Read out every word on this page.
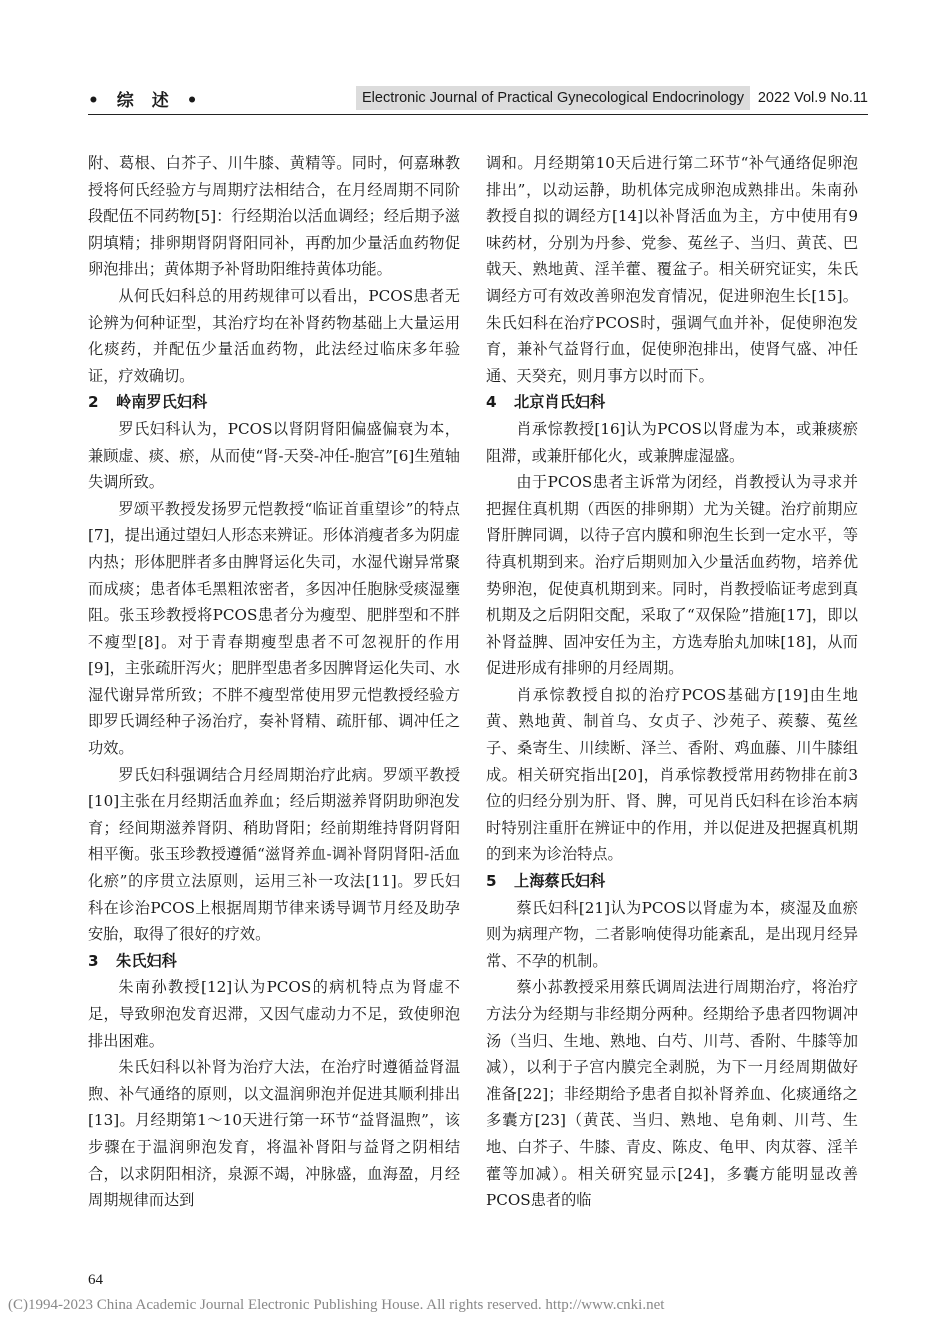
• 综 述 •	Electronic Journal of Practical Gynecological Endocrinology 2022 Vol.9 No.11

附、葛根、白芥子、川牛膝、黄精等。同时，何嘉琳教授将何氏经验方与周期疗法相结合，在月经周期不同阶段配伍不同药物[5]：行经期治以活血调经；经后期予滋阴填精；排卵期肾阴肾阳同补，再酌加少量活血药物促卵泡排出；黄体期予补肾助阳维持黄体功能。

从何氏妇科总的用药规律可以看出，PCOS患者无论辨为何种证型，其治疗均在补肾药物基础上大量运用化痰药，并配伍少量活血药物，此法经过临床多年验证，疗效确切。

2 岭南罗氏妇科

罗氏妇科认为，PCOS以肾阴肾阳偏盛偏衰为本，兼顾虚、痰、瘀，从而使“肾-天癸-冲任-胞宫”[6]生殖轴失调所致。

罗颂平教授发扬罗元恺教授“临证首重望诊”的特点[7]，提出通过望妇人形态来辨证。形体消瘦者多为阴虚内热；形体肥胖者多由脾肾运化失司，水湿代谢异常聚而成痰；患者体毛黑粗浓密者，多因冲任胞脉受痰湿壅阻。张玉珍教授将PCOS患者分为瘦型、肥胖型和不胖不瘦型[8]。对于青春期瘦型患者不可忽视肝的作用[9]，主张疏肝泻火；肥胖型患者多因脾肾运化失司、水湿代谢异常所致；不胖不瘦型常使用罗元恺教授经验方即罗氏调经种子汤治疗，奏补肾精、疏肝郁、调冲任之功效。

罗氏妇科强调结合月经周期治疗此病。罗颂平教授[10]主张在月经期活血养血；经后期滋养肾阴助卵泡发育；经间期滋养肾阴、稍助肾阳；经前期维持肾阴肾阳相平衡。张玉珍教授遵循“滋肾养血-调补肾阴肾阳-活血化瘀”的序贯立法原则，运用三补一攻法[11]。罗氏妇科在诊治PCOS上根据周期节律来诱导调节月经及助孕安胎，取得了很好的疗效。

3 朱氏妇科

朱南孙教授[12]认为PCOS的病机特点为肾虚不足，导致卵泡发育迟滞，又因气虚动力不足，致使卵泡排出困难。

朱氏妇科以补肾为治疗大法，在治疗时遵循益肾温煦、补气通络的原则，以文温润卵泡并促进其顺利排出[13]。月经期第1～10天进行第一环节“益肾温煦”，该步骤在于温润卵泡发育，将温补肾阳与益肾之阴相结合，以求阴阳相济，泉源不竭，冲脉盛，血海盈，月经周期规律而达到

调和。月经期第10天后进行第二环节“补气通络促卵泡排出”，以动运静，助机体完成卵泡成熟排出。朱南孙教授自拟的调经方[14]以补肾活血为主，方中使用有9味药材，分别为丹参、党参、菟丝子、当归、黄芪、巴戟天、熟地黄、淫羊藿、覆盆子。相关研究证实，朱氏调经方可有效改善卵泡发育情况，促进卵泡生长[15]。朱氏妇科在治疗PCOS时，强调气血并补，促使卵泡发育，兼补气益肾行血，促使卵泡排出，使肾气盛、冲任通、天癸充，则月事方以时而下。

4 北京肖氏妇科

肖承悰教授[16]认为PCOS以肾虚为本，或兼痰瘀阻滞，或兼肝郁化火，或兼脾虚湿盛。

由于PCOS患者主诉常为闭经，肖教授认为寻求并把握住真机期（西医的排卵期）尤为关键。治疗前期应肾肝脾同调，以待子宫内膜和卵泡生长到一定水平，等待真机期到来。治疗后期则加入少量活血药物，培养优势卵泡，促使真机期到来。同时，肖教授临证考虑到真机期及之后阴阳交配，采取了“双保险”措施[17]，即以补肾益脾、固冲安任为主，方选寿胎丸加味[18]，从而促进形成有排卵的月经周期。

肖承悰教授自拟的治疗PCOS基础方[19]由生地黄、熟地黄、制首乌、女贞子、沙苑子、蒺藜、菟丝子、桑寄生、川续断、泽兰、香附、鸡血藤、川牛膝组成。相关研究指出[20]，肖承悰教授常用药物排在前3位的归经分别为肝、肾、脾，可见肖氏妇科在诊治本病时特别注重肝在辨证中的作用，并以促进及把握真机期的到来为诊治特点。

5 上海蔡氏妇科

蔡氏妇科[21]认为PCOS以肾虚为本，痰湿及血瘀则为病理产物，二者影响使得功能紊乱，是出现月经异常、不孕的机制。

蔡小荪教授采用蔡氏调周法进行周期治疗，将治疗方法分为经期与非经期分两种。经期给予患者四物调冲汤（当归、生地、熟地、白芍、川芎、香附、牛膝等加减），以利于子宫内膜完全剥脱，为下一月经周期做好准备[22]；非经期给予患者自拟补肾养血、化痰通络之多囊方[23]（黄芪、当归、熟地、皂角刺、川芎、生地、白芥子、牛膝、青皮、陈皮、龟甲、肉苁蓉、淫羊藿等加减）。相关研究显示[24]，多囊方能明显改善PCOS患者的临

64
(C)1994-2023 China Academic Journal Electronic Publishing House. All rights reserved. http://www.cnki.net
